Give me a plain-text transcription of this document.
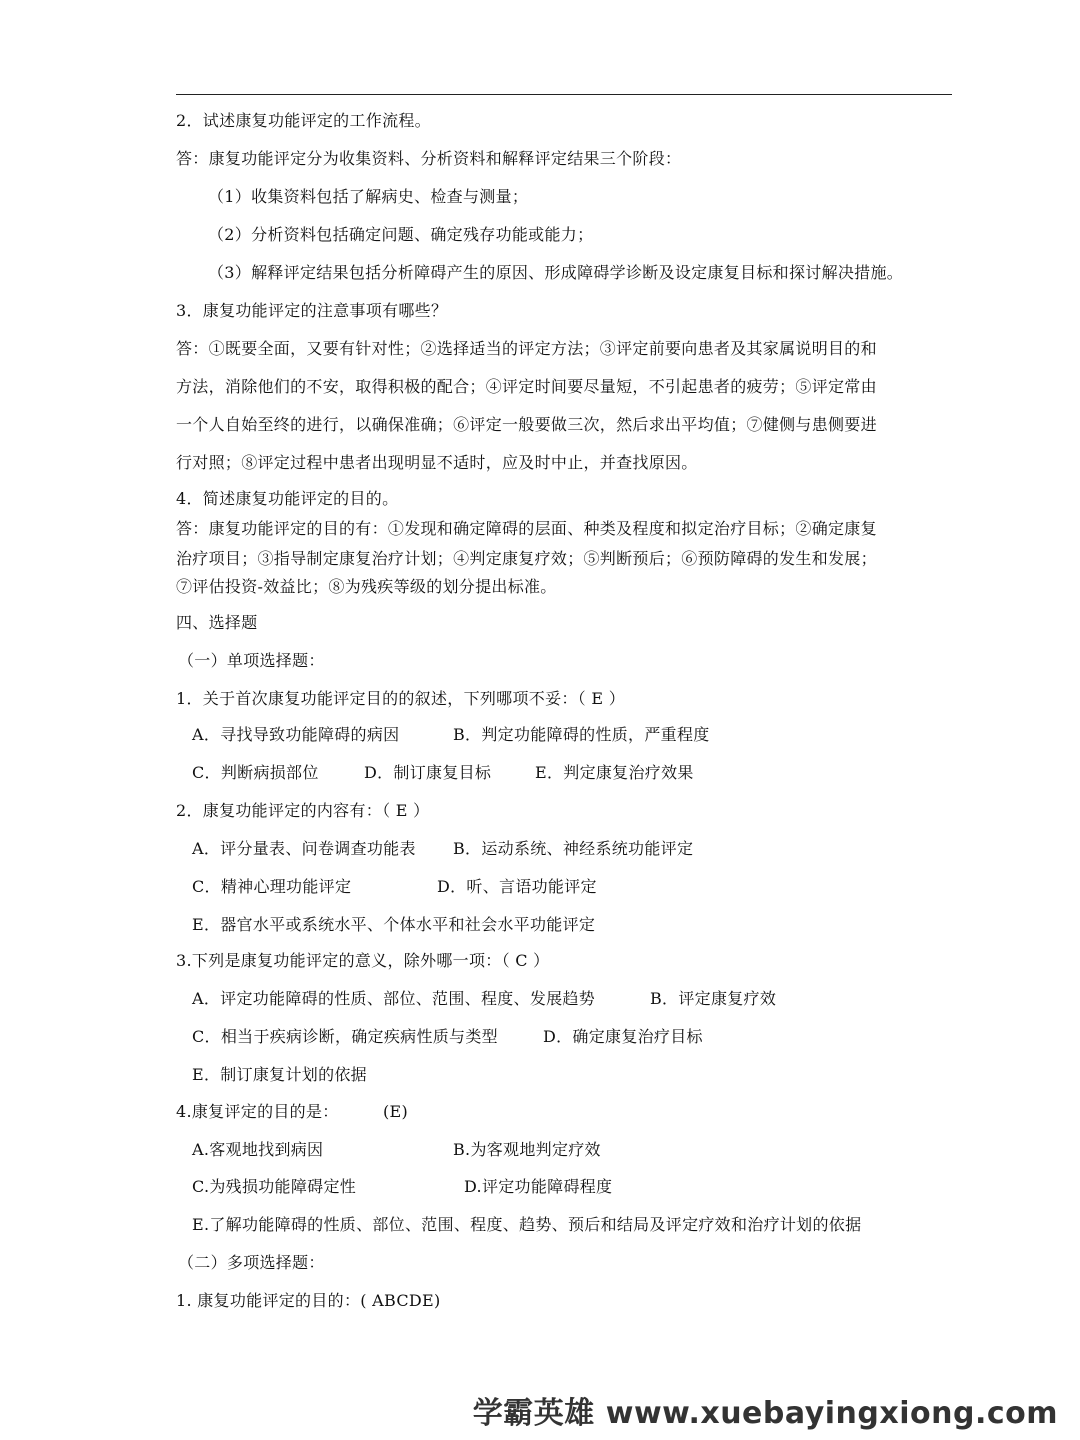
2．试述康复功能评定的工作流程。
答：康复功能评定分为收集资料、分析资料和解释评定结果三个阶段：
（1）收集资料包括了解病史、检查与测量；
（2）分析资料包括确定问题、确定残存功能或能力；
（3）解释评定结果包括分析障碍产生的原因、形成障碍学诊断及设定康复目标和探讨解决措施。
3．康复功能评定的注意事项有哪些？
答：①既要全面，又要有针对性；②选择适当的评定方法；③评定前要向患者及其家属说明目的和
方法，消除他们的不安，取得积极的配合；④评定时间要尽量短，不引起患者的疲劳；⑤评定常由
一个人自始至终的进行，以确保准确；⑥评定一般要做三次，然后求出平均值；⑦健侧与患侧要进
行对照；⑧评定过程中患者出现明显不适时，应及时中止，并查找原因。
4．简述康复功能评定的目的。
答：康复功能评定的目的有：①发现和确定障碍的层面、种类及程度和拟定治疗目标；②确定康复
治疗项目；③指导制定康复治疗计划；④判定康复疗效；⑤判断预后；⑥预防障碍的发生和发展；
⑦评估投资-效益比；⑧为残疾等级的划分提出标准。
四、选择题
（一）单项选择题：
1．关于首次康复功能评定目的的叙述，下列哪项不妥：（ E ）
A．寻找导致功能障碍的病因	B．判定功能障碍的性质，严重程度
C．判断病损部位	D．制订康复目标	E．判定康复治疗效果
2．康复功能评定的内容有：（ E ）
A．评分量表、问卷调查功能表 B．运动系统、神经系统功能评定
C．精神心理功能评定	D．听、言语功能评定
E．器官水平或系统水平、个体水平和社会水平功能评定
3.下列是康复功能评定的意义，除外哪一项：（ C ）
A．评定功能障碍的性质、部位、范围、程度、发展趋势	B．评定康复疗效
C．相当于疾病诊断，确定疾病性质与类型	D．确定康复治疗目标
E．制订康复计划的依据
4.康复评定的目的是：	(E)
A.客观地找到病因	B.为客观地判定疗效
C.为残损功能障碍定性	D.评定功能障碍程度
E.了解功能障碍的性质、部位、范围、程度、趋势、预后和结局及评定疗效和治疗计划的依据
（二）多项选择题：
1. 康复功能评定的目的：( ABCDE)
学霸英雄 www.xuebayingxiong.com
